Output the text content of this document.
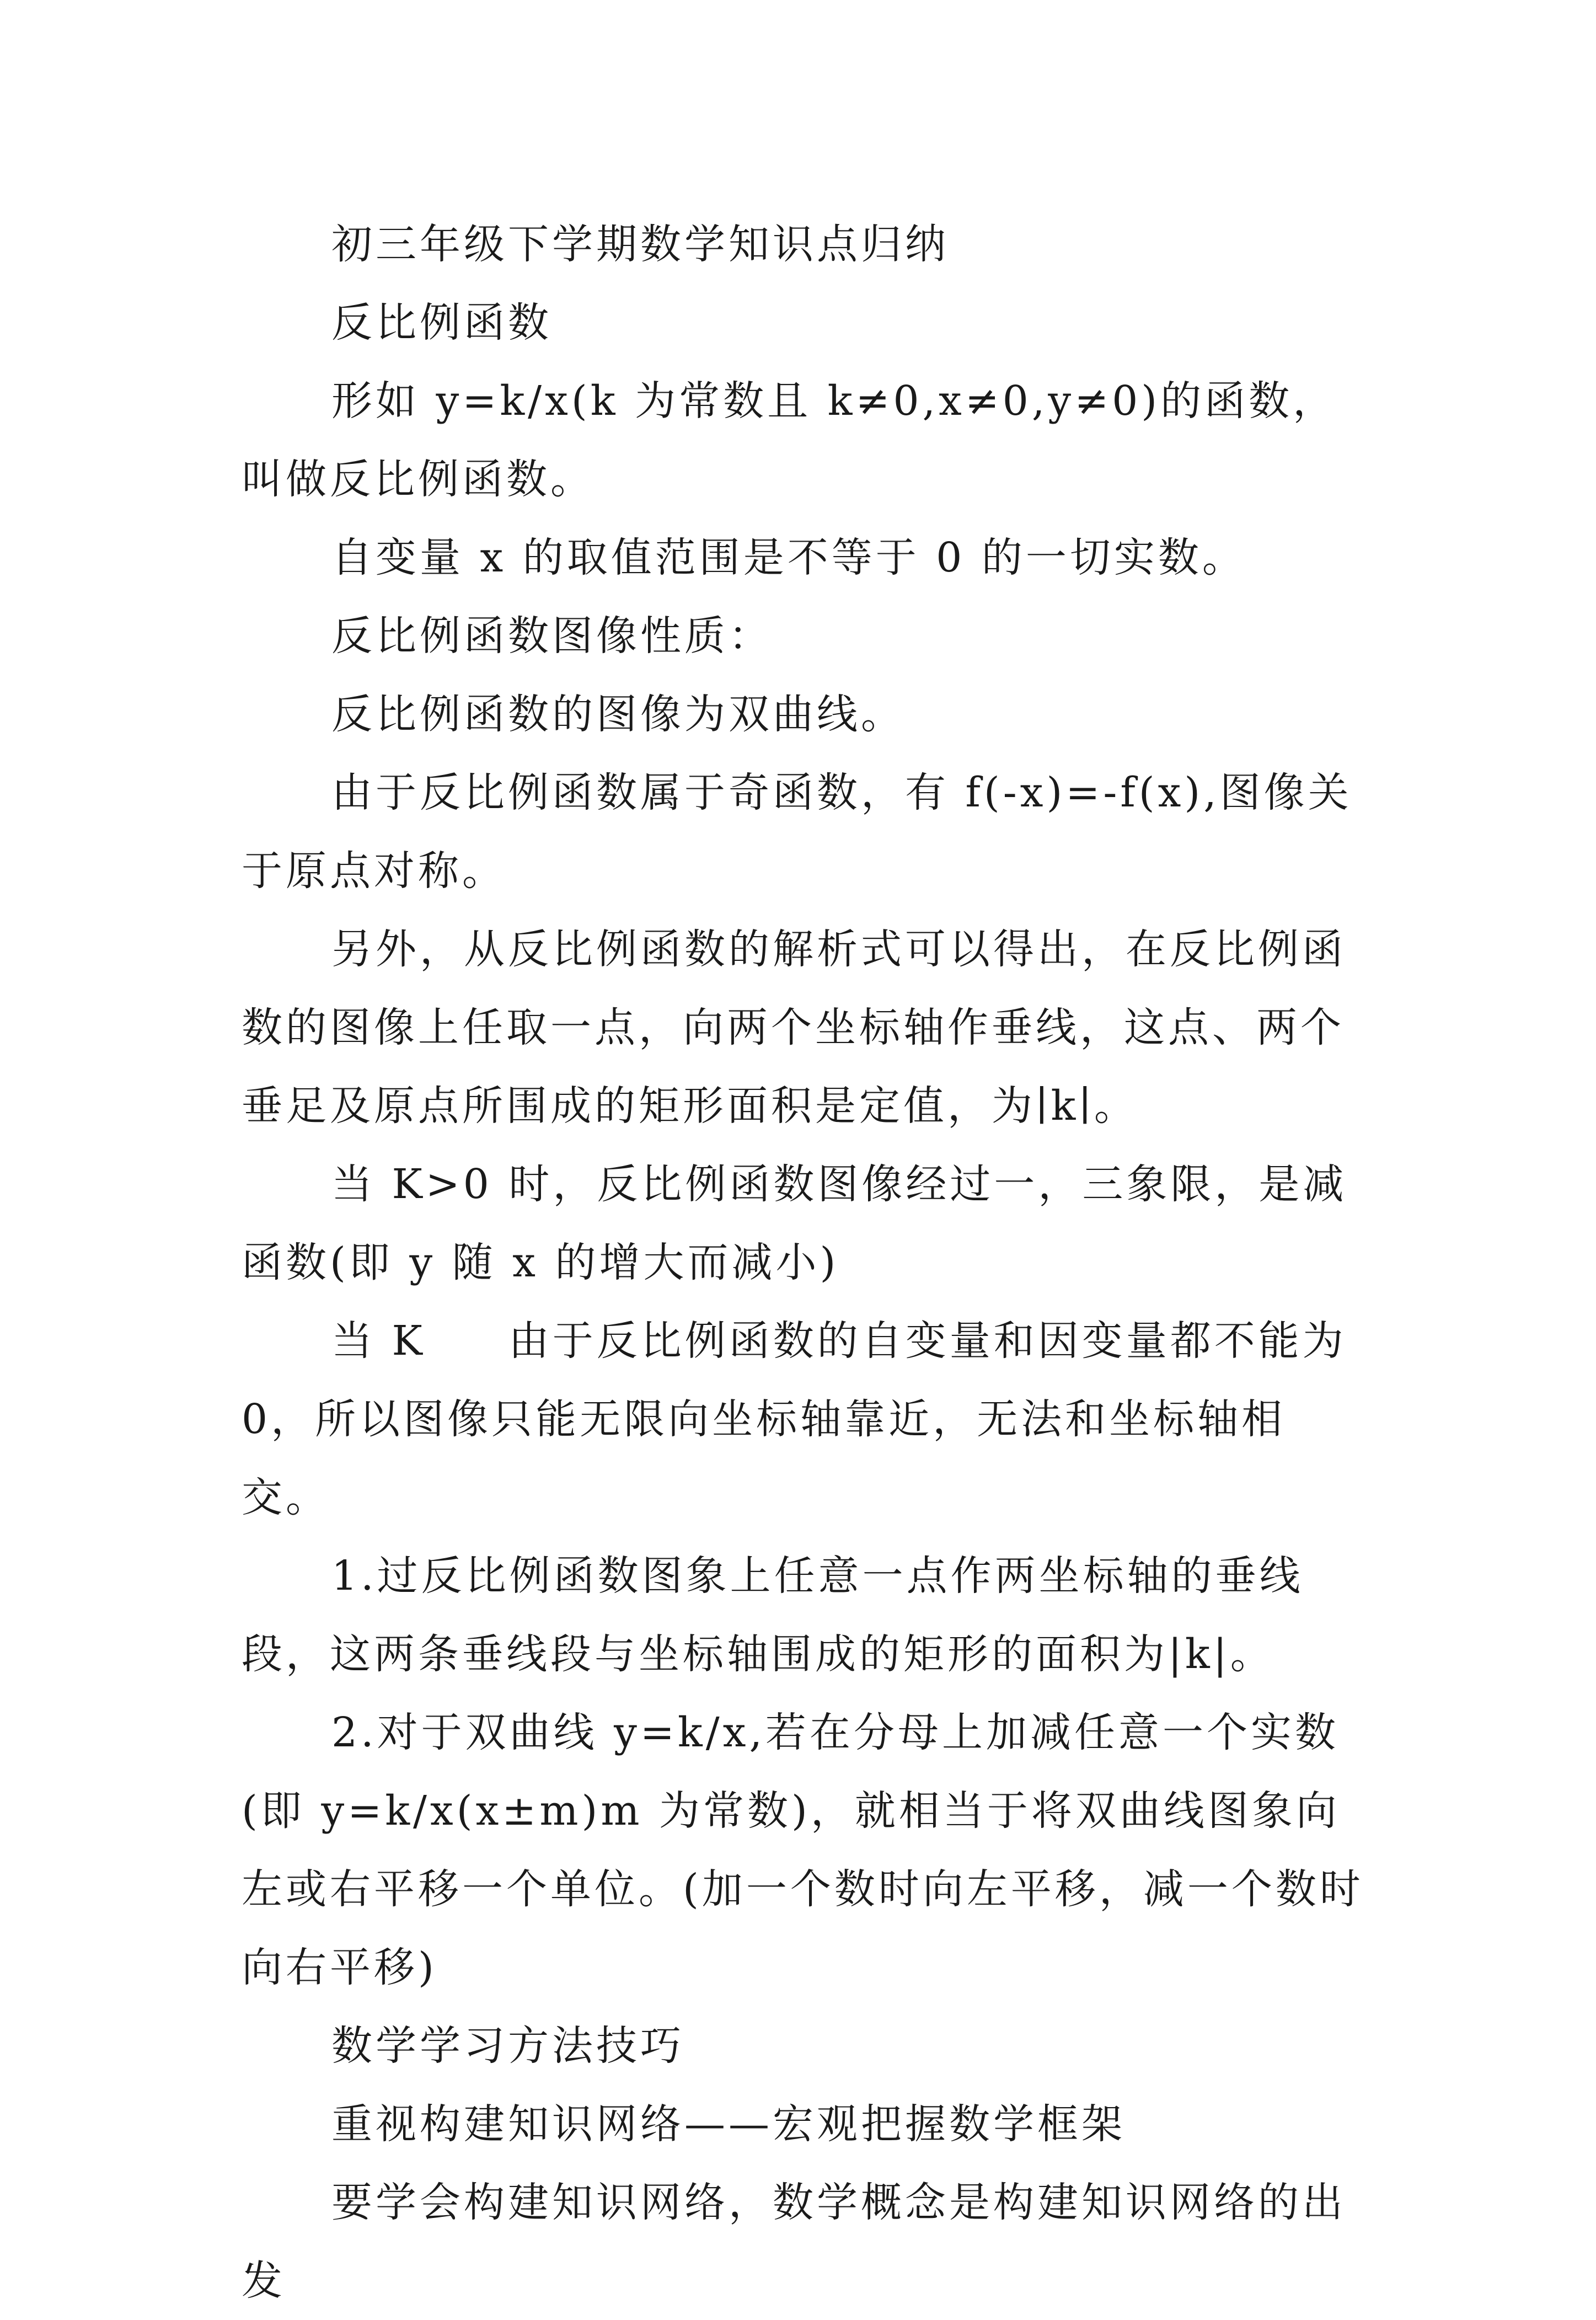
初三年级下学期数学知识点归纳

反比例函数

形如 y=k/x(k 为常数且 k≠0,x≠0,y≠0)的函数，叫做反比例函数。

自变量 x 的取值范围是不等于 0 的一切实数。

反比例函数图像性质：

反比例函数的图像为双曲线。

由于反比例函数属于奇函数，有 f(-x)=-f(x),图像关于原点对称。

另外，从反比例函数的解析式可以得出，在反比例函数的图像上任取一点，向两个坐标轴作垂线，这点、两个垂足及原点所围成的矩形面积是定值，为∣k∣。

当 K>0 时，反比例函数图像经过一，三象限，是减函数(即 y 随 x 的增大而减小)

当 K 由于反比例函数的自变量和因变量都不能为 0，所以图像只能无限向坐标轴靠近，无法和坐标轴相交。

1.过反比例函数图象上任意一点作两坐标轴的垂线段，这两条垂线段与坐标轴围成的矩形的面积为|k|。

2.对于双曲线 y=k/x,若在分母上加减任意一个实数(即 y=k/x(x±m)m 为常数)，就相当于将双曲线图象向左或右平移一个单位。(加一个数时向左平移，减一个数时向右平移)

数学学习方法技巧

重视构建知识网络——宏观把握数学框架

要学会构建知识网络，数学概念是构建知识网络的出发
